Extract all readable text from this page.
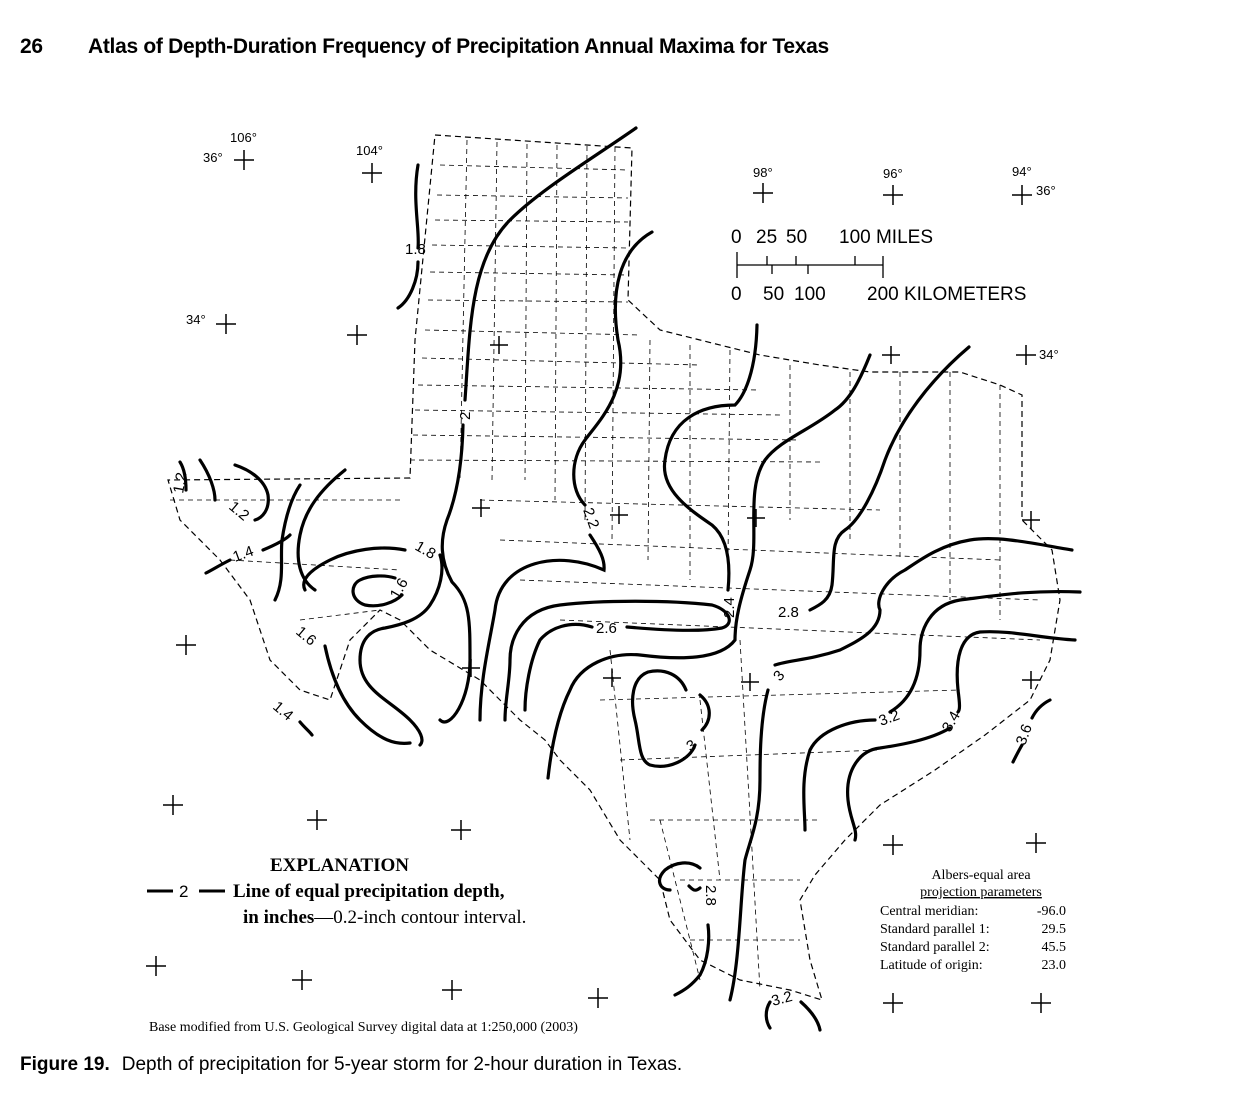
26	Atlas of Depth-Duration Frequency of Precipitation Annual Maxima for Texas
106°
36°	104°
98°	96°	94°
36°
34°
34°
0 25 50 100 MILES
0 50 100 200 KILOMETERS
1.2
1.2
1.4
1.4
1.6
1.6
1.8
1.8
2
2.2
2.4
2.6
2.8
2.8
3
3
3.2
3.2
3.4	3.6
EXPLANATION
2 Line of equal precipitation depth,
in inches—0.2-inch contour interval.
Albers-equal area
projection parameters
Central meridian:	-96.0
Standard parallel 1:	29.5
Standard parallel 2:	45.5
Latitude of origin:	23.0
Base modified from U.S. Geological Survey digital data at 1:250,000 (2003)
Figure 19. Depth of precipitation for 5-year storm for 2-hour duration in Texas.
